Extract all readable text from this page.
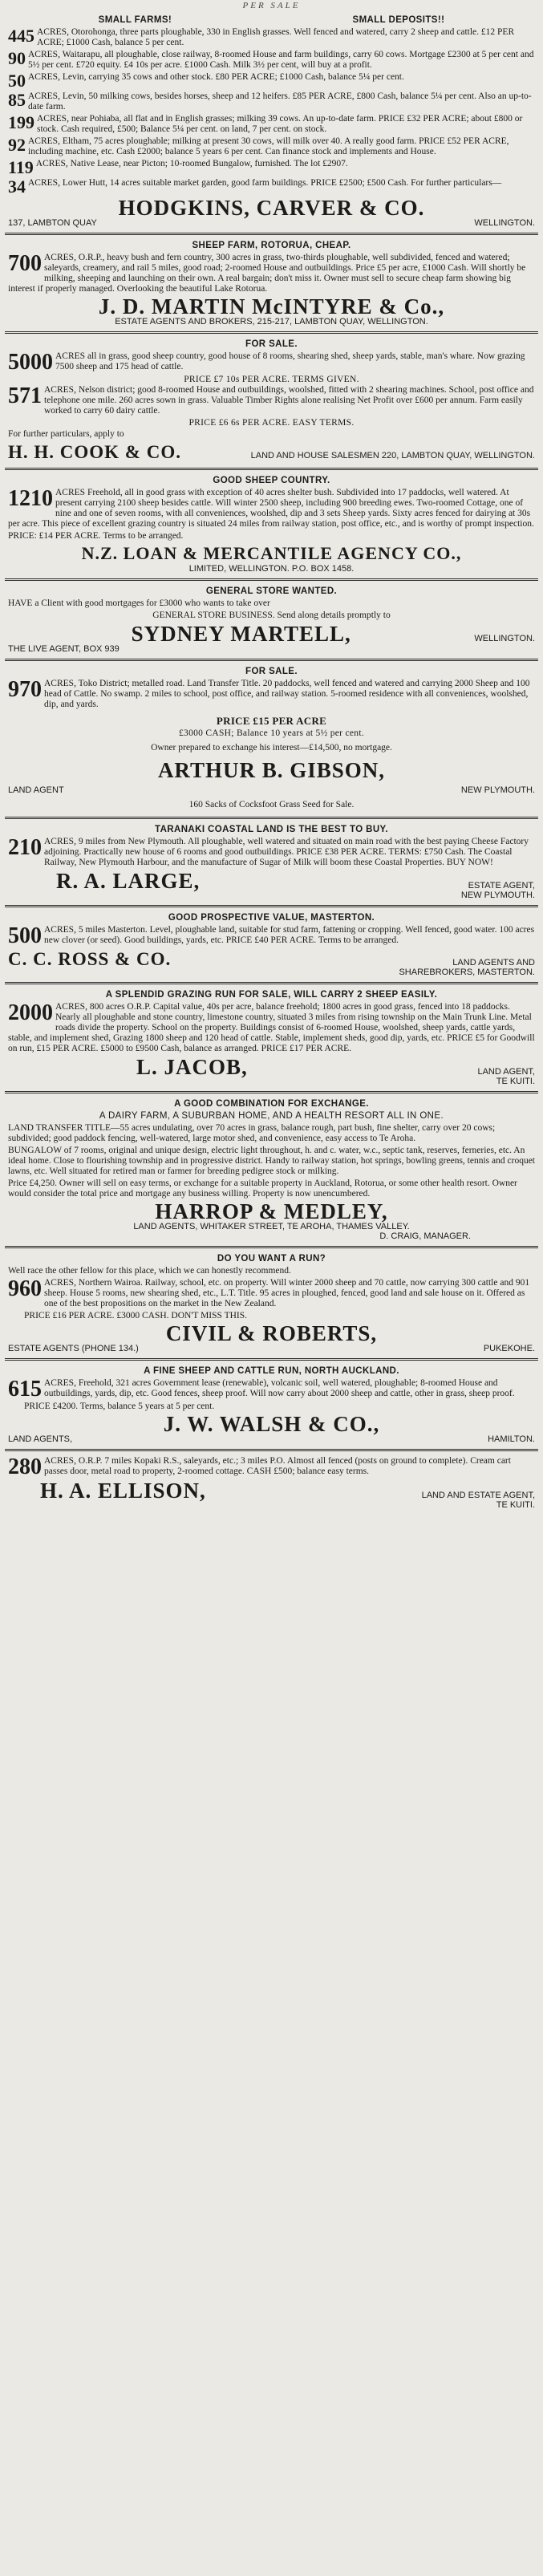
PER SALE
SMALL FARMS!	SMALL DEPOSITS!!
445 ACRES, Otorohonga, three parts ploughable, 330 in English grasses. Well fenced and watered, carry 2 sheep and cattle. £12 PER ACRE; £1000 Cash, balance 5 per cent.
90 ACRES, Waitarapu, all ploughable, close railway, 8-roomed House and farm buildings, carry 60 cows. Mortgage £2300 at 5 per cent and 5½ per cent. £720 equity. £4 10s per acre. £1000 Cash. Milk 3½ per cent, will buy at a profit.
50 ACRES, Levin, carrying 35 cows and other stock. £80 PER ACRE; £1000 Cash, balance 5¼ per cent.
85 ACRES, Levin, 50 milking cows, besides horses, sheep and 12 heifers. £85 PER ACRE, £800 Cash, balance 5¼ per cent. Also an up-to-date farm.
199 ACRES, near Pohiaba, all flat and in English grasses; milking 39 cows. An up-to-date farm. PRICE £32 PER ACRE; about £800 or stock. Cash required, £500; Balance 5¼ per cent. on land, 7 per cent. on stock.
92 ACRES, Eltham, 75 acres ploughable; milking at present 30 cows, will milk over 40. A really good farm. PRICE £52 PER ACRE, including machine, etc. Cash £2000; balance 5 years 6 per cent. Can finance stock and implements and House.
119 ACRES, Native Lease, near Picton; 10-roomed Bungalow, furnished. The lot £2907.
34 ACRES, Lower Hutt, 14 acres suitable market garden, good farm buildings. PRICE £2500; £500 Cash. For further particulars—
HODGKINS, CARVER & CO.
137, LAMBTON QUAY	WELLINGTON.
SHEEP FARM, ROTORUA, CHEAP.
700 ACRES, O.R.P., heavy bush and fern country, 300 acres in grass, two-thirds ploughable, well subdivided, fenced and watered; saleyards, creamery, and rail 5 miles, good road; 2-roomed House and outbuildings. Price £5 per acre, £1000 Cash. Will shortly be milking, sheeping and launching on their own. A real bargain; don't miss it. Owner must sell to secure cheap farm showing big interest if properly managed. Overlooking the beautiful Lake Rotorua.
J. D. MARTIN McINTYRE & Co.,
ESTATE AGENTS AND BROKERS, 215-217, LAMBTON QUAY, WELLINGTON.
FOR SALE.
5000 ACRES all in grass, good sheep country, good house of 8 rooms, shearing shed, sheep yards, stable, man's whare. Now grazing 7500 sheep and 175 head of cattle.
PRICE £7 10s PER ACRE. TERMS GIVEN.
571 ACRES, Nelson district; good 8-roomed House and outbuildings, woolshed, fitted with 2 shearing machines. School, post office and telephone one mile. 260 acres sown in grass. Valuable Timber Rights alone realising Net Profit over £600 per annum. Farm easily worked to carry 60 dairy cattle.
PRICE £6 6s PER ACRE. EASY TERMS.
For further particulars, apply to
H. H. COOK & CO.	LAND AND HOUSE SALESMEN 220, LAMBTON QUAY, WELLINGTON.
GOOD SHEEP COUNTRY.
1210 ACRES Freehold, all in good grass with exception of 40 acres shelter bush. Subdivided into 17 paddocks, well watered. At present carrying 2100 sheep besides cattle. Will winter 2500 sheep, including 900 breeding ewes. Two-roomed Cottage, one of nine and one of seven rooms, with all conveniences, woolshed, dip and 3 sets Sheep yards. Sixty acres fenced for dairying at 30s per acre. This piece of excellent grazing country is situated 24 miles from railway station, post office, etc., and is worthy of prompt inspection.
PRICE: £14 PER ACRE. Terms to be arranged.
N.Z. LOAN & MERCANTILE AGENCY CO.,
LIMITED, WELLINGTON. P.O. BOX 1458.
GENERAL STORE WANTED.
HAVE a Client with good mortgages for £3000 who wants to take over
GENERAL STORE BUSINESS. Send along details promptly to
SYDNEY MARTELL,	WELLINGTON.
THE LIVE AGENT, BOX 939
FOR SALE.
970 ACRES, Toko District; metalled road. Land Transfer Title. 20 paddocks, well fenced and watered and carrying 2000 Sheep and 100 head of Cattle. No swamp. 2 miles to school, post office, and railway station. 5-roomed residence with all conveniences, woolshed, dip, and yards.
PRICE £15 PER ACRE
£3000 CASH; Balance 10 years at 5½ per cent.
Owner prepared to exchange his interest—£14,500, no mortgage.
ARTHUR B. GIBSON,
LAND AGENT	NEW PLYMOUTH.
160 Sacks of Cocksfoot Grass Seed for Sale.
TARANAKI COASTAL LAND IS THE BEST TO BUY.
210 ACRES, 9 miles from New Plymouth. All ploughable, well watered and situated on main road with the best paying Cheese Factory adjoining. Practically new house of 6 rooms and good outbuildings. PRICE £38 PER ACRE. TERMS: £750 Cash. The Coastal Railway, New Plymouth Harbour, and the manufacture of Sugar of Milk will boom these Coastal Properties. BUY NOW!
R. A. LARGE,	ESTATE AGENT,
NEW PLYMOUTH.
GOOD PROSPECTIVE VALUE, MASTERTON.
500 ACRES, 5 miles Masterton. Level, ploughable land, suitable for stud farm, fattening or cropping. Well fenced, good water. 100 acres new clover (or seed). Good buildings, yards, etc. PRICE £40 PER ACRE. Terms to be arranged.
C. C. ROSS & CO.	LAND AGENTS AND
SHAREBROKERS, MASTERTON.
A SPLENDID GRAZING RUN FOR SALE, WILL CARRY 2 SHEEP EASILY.
2000 ACRES, 800 acres O.R.P. Capital value, 40s per acre, balance freehold; 1800 acres in good grass, fenced into 18 paddocks. Nearly all ploughable and stone country, limestone country, situated 3 miles from rising township on the Main Trunk Line. Metal roads divide the property. School on the property. Buildings consist of 6-roomed House, woolshed, sheep yards, cattle yards, stable, and implement shed, Grazing 1800 sheep and 120 head of cattle. Stable, implement sheds, good dip, yards, etc. PRICE £5 for Goodwill on run, £15 PER ACRE. £5000 to £9500 Cash, balance as arranged. PRICE £17 PER ACRE.
L. JACOB,	LAND AGENT,
TE KUITI.
A GOOD COMBINATION FOR EXCHANGE.
A DAIRY FARM, A SUBURBAN HOME, AND A HEALTH RESORT ALL IN ONE.
LAND TRANSFER TITLE—55 acres undulating, over 70 acres in grass, balance rough, part bush, fine shelter, carry over 20 cows; subdivided; good paddock fencing, well-watered, large motor shed, and convenience, easy access to Te Aroha.
BUNGALOW of 7 rooms, original and unique design, electric light throughout, h. and c. water, w.c., septic tank, reserves, ferneries, etc. An ideal home. Close to flourishing township and in progressive district. Handy to railway station, hot springs, bowling greens, tennis and croquet lawns, etc. Well situated for retired man or farmer for breeding pedigree stock or milking.
Price £4,250. Owner will sell on easy terms, or exchange for a suitable property in Auckland, Rotorua, or some other health resort. Owner would consider the total price and mortgage any business willing. Property is now unencumbered.
HARROP & MEDLEY,
LAND AGENTS, WHITAKER STREET, TE AROHA, THAMES VALLEY.
D. CRAIG, MANAGER.
DO YOU WANT A RUN?
Well race the other fellow for this place, which we can honestly recommend.
960 ACRES, Northern Wairoa. Railway, school, etc. on property. Will winter 2000 sheep and 70 cattle, now carrying 300 cattle and 901 sheep. House 5 rooms, new shearing shed, etc., L.T. Title. 95 acres in ploughed, fenced, good land and sale house on it. Offered as one of the best propositions on the market in the New Zealand.
PRICE £16 PER ACRE. £3000 CASH. DON'T MISS THIS.
CIVIL & ROBERTS,
ESTATE AGENTS (PHONE 134.)	PUKEKOHE.
A FINE SHEEP AND CATTLE RUN, NORTH AUCKLAND.
615 ACRES, Freehold, 321 acres Government lease (renewable), volcanic soil, well watered, ploughable; 8-roomed House and outbuildings, yards, dip, etc. Good fences, sheep proof. Will now carry about 2000 sheep and cattle, other in grass, sheep proof.
PRICE £4200. Terms, balance 5 years at 5 per cent.
J. W. WALSH & CO.,
LAND AGENTS,	HAMILTON.
280 ACRES, O.R.P. 7 miles Kopaki R.S., saleyards, etc.; 3 miles P.O. Almost all fenced (posts on ground to complete). Cream cart passes door, metal road to property, 2-roomed cottage. CASH £500; balance easy terms.
H. A. ELLISON,	LAND AND ESTATE AGENT,
TE KUITI.
